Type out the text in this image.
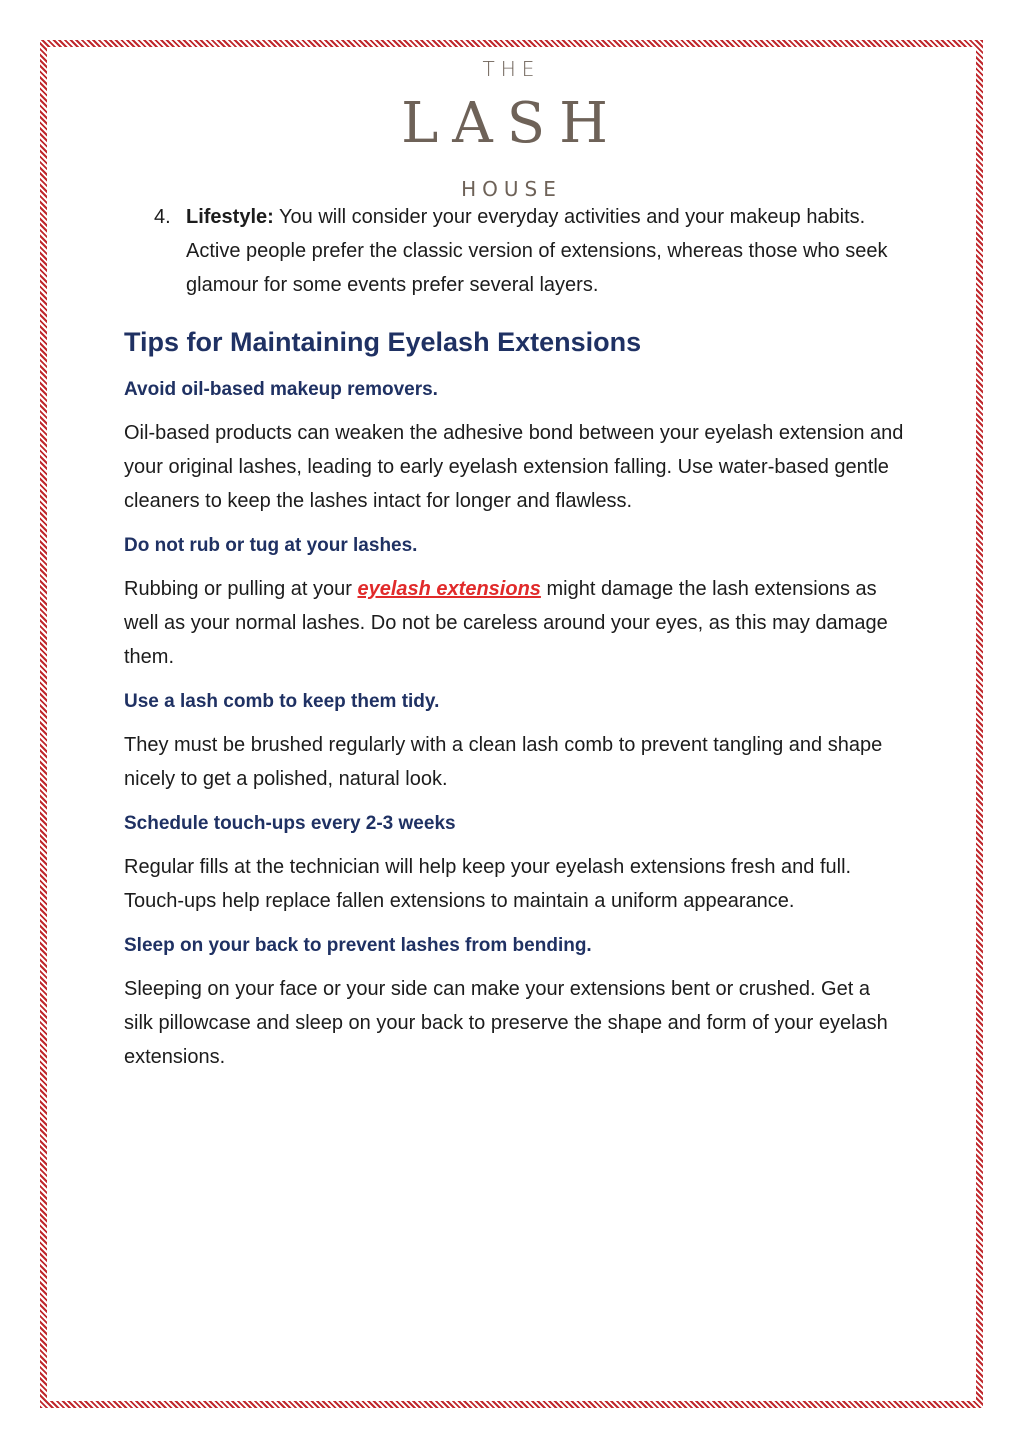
THE
LASH
HOUSE

4. Lifestyle: You will consider your everyday activities and your makeup habits. Active people prefer the classic version of extensions, whereas those who seek glamour for some events prefer several layers.

Tips for Maintaining Eyelash Extensions
Avoid oil-based makeup removers.

Oil-based products can weaken the adhesive bond between your eyelash extension and your original lashes, leading to early eyelash extension falling. Use water-based gentle cleaners to keep the lashes intact for longer and flawless.

Do not rub or tug at your lashes.

Rubbing or pulling at your eyelash extensions might damage the lash extensions as well as your normal lashes. Do not be careless around your eyes, as this may damage them.

Use a lash comb to keep them tidy.

They must be brushed regularly with a clean lash comb to prevent tangling and shape nicely to get a polished, natural look.

Schedule touch-ups every 2-3 weeks

Regular fills at the technician will help keep your eyelash extensions fresh and full. Touch-ups help replace fallen extensions to maintain a uniform appearance.

Sleep on your back to prevent lashes from bending.

Sleeping on your face or your side can make your extensions bent or crushed. Get a silk pillowcase and sleep on your back to preserve the shape and form of your eyelash extensions.
